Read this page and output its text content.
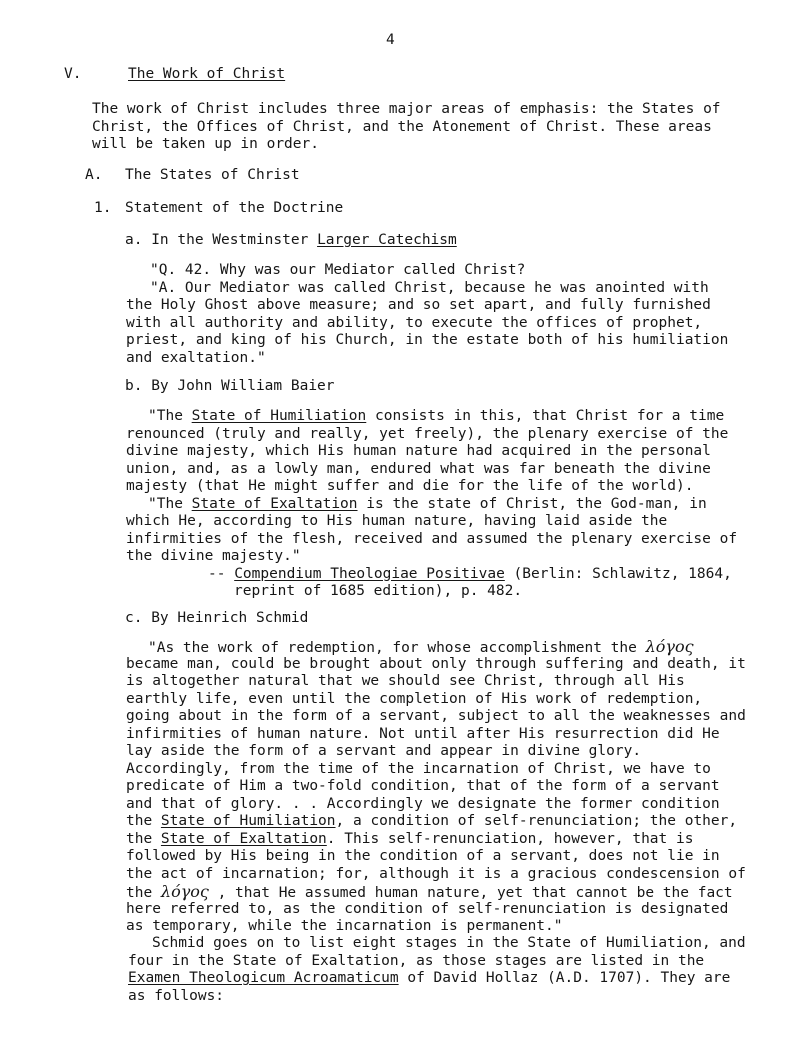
4
V.	The Work of Christ
The work of Christ includes three major areas of emphasis: the States of
Christ, the Offices of Christ, and the Atonement of Christ. These areas
will be taken up in order.
A. The States of Christ
1. Statement of the Doctrine
a. In the Westminster Larger Catechism
"Q. 42. Why was our Mediator called Christ?
"A. Our Mediator was called Christ, because he was anointed with
the Holy Ghost above measure; and so set apart, and fully furnished
with all authority and ability, to execute the offices of prophet,
priest, and king of his Church, in the estate both of his humiliation
and exaltation."
b. By John William Baier
"The State of Humiliation consists in this, that Christ for a time
renounced (truly and really, yet freely), the plenary exercise of the
divine majesty, which His human nature had acquired in the personal
union, and, as a lowly man, endured what was far beneath the divine
majesty (that He might suffer and die for the life of the world).
"The State of Exaltation is the state of Christ, the God-man, in
which He, according to His human nature, having laid aside the
infirmities of the flesh, received and assumed the plenary exercise of
the divine majesty."
-- Compendium Theologiae Positivae (Berlin: Schlawitz, 1864,
reprint of 1685 edition), p. 482.
c. By Heinrich Schmid
"As the work of redemption, for whose accomplishment the λόγος
became man, could be brought about only through suffering and death, it
is altogether natural that we should see Christ, through all His
earthly life, even until the completion of His work of redemption,
going about in the form of a servant, subject to all the weaknesses and
infirmities of human nature. Not until after His resurrection did He
lay aside the form of a servant and appear in divine glory.
Accordingly, from the time of the incarnation of Christ, we have to
predicate of Him a two-fold condition, that of the form of a servant
and that of glory. . . Accordingly we designate the former condition
the State of Humiliation, a condition of self-renunciation; the other,
the State of Exaltation. This self-renunciation, however, that is
followed by His being in the condition of a servant, does not lie in
the act of incarnation; for, although it is a gracious condescension of
the λόγος , that He assumed human nature, yet that cannot be the fact
here referred to, as the condition of self-renunciation is designated
as temporary, while the incarnation is permanent."
Schmid goes on to list eight stages in the State of Humiliation, and
four in the State of Exaltation, as those stages are listed in the
Examen Theologicum Acroamaticum of David Hollaz (A.D. 1707). They are
as follows:
